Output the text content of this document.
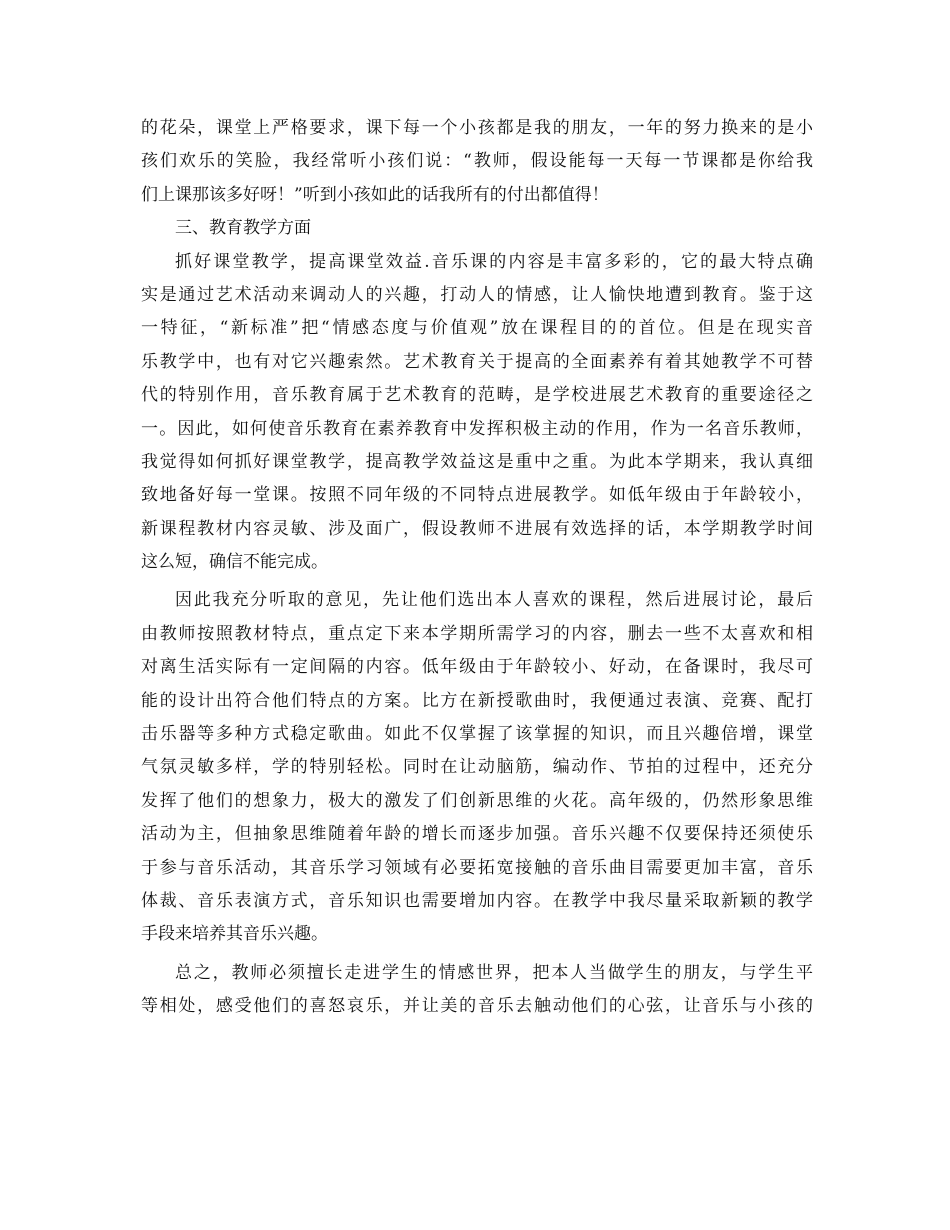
的花朵，课堂上严格要求，课下每一个小孩都是我的朋友，一年的努力换来的是小
孩们欢乐的笑脸，我经常听小孩们说：“教师，假设能每一天每一节课都是你给我
们上课那该多好呀！”听到小孩如此的话我所有的付出都值得！
三、教育教学方面
抓好课堂教学，提高课堂效益.音乐课的内容是丰富多彩的，它的最大特点确
实是通过艺术活动来调动人的兴趣，打动人的情感，让人愉快地遭到教育。鉴于这
一特征，“新标准”把“情感态度与价值观”放在课程目的的首位。但是在现实音
乐教学中，也有对它兴趣索然。艺术教育关于提高的全面素养有着其她教学不可替
代的特别作用，音乐教育属于艺术教育的范畴，是学校进展艺术教育的重要途径之
一。因此，如何使音乐教育在素养教育中发挥积极主动的作用，作为一名音乐教师，
我觉得如何抓好课堂教学，提高教学效益这是重中之重。为此本学期来，我认真细
致地备好每一堂课。按照不同年级的不同特点进展教学。如低年级由于年龄较小，
新课程教材内容灵敏、涉及面广，假设教师不进展有效选择的话，本学期教学时间
这么短，确信不能完成。
因此我充分听取的意见，先让他们选出本人喜欢的课程，然后进展讨论，最后
由教师按照教材特点，重点定下来本学期所需学习的内容，删去一些不太喜欢和相
对离生活实际有一定间隔的内容。低年级由于年龄较小、好动，在备课时，我尽可
能的设计出符合他们特点的方案。比方在新授歌曲时，我便通过表演、竞赛、配打
击乐器等多种方式稳定歌曲。如此不仅掌握了该掌握的知识，而且兴趣倍增，课堂
气氛灵敏多样，学的特别轻松。同时在让动脑筋，编动作、节拍的过程中，还充分
发挥了他们的想象力，极大的激发了们创新思维的火花。高年级的，仍然形象思维
活动为主，但抽象思维随着年龄的增长而逐步加强。音乐兴趣不仅要保持还须使乐
于参与音乐活动，其音乐学习领域有必要拓宽接触的音乐曲目需要更加丰富，音乐
体裁、音乐表演方式，音乐知识也需要增加内容。在教学中我尽量采取新颖的教学
手段来培养其音乐兴趣。
总之，教师必须擅长走进学生的情感世界，把本人当做学生的朋友，与学生平
等相处，感受他们的喜怒哀乐，并让美的音乐去触动他们的心弦，让音乐与小孩的
